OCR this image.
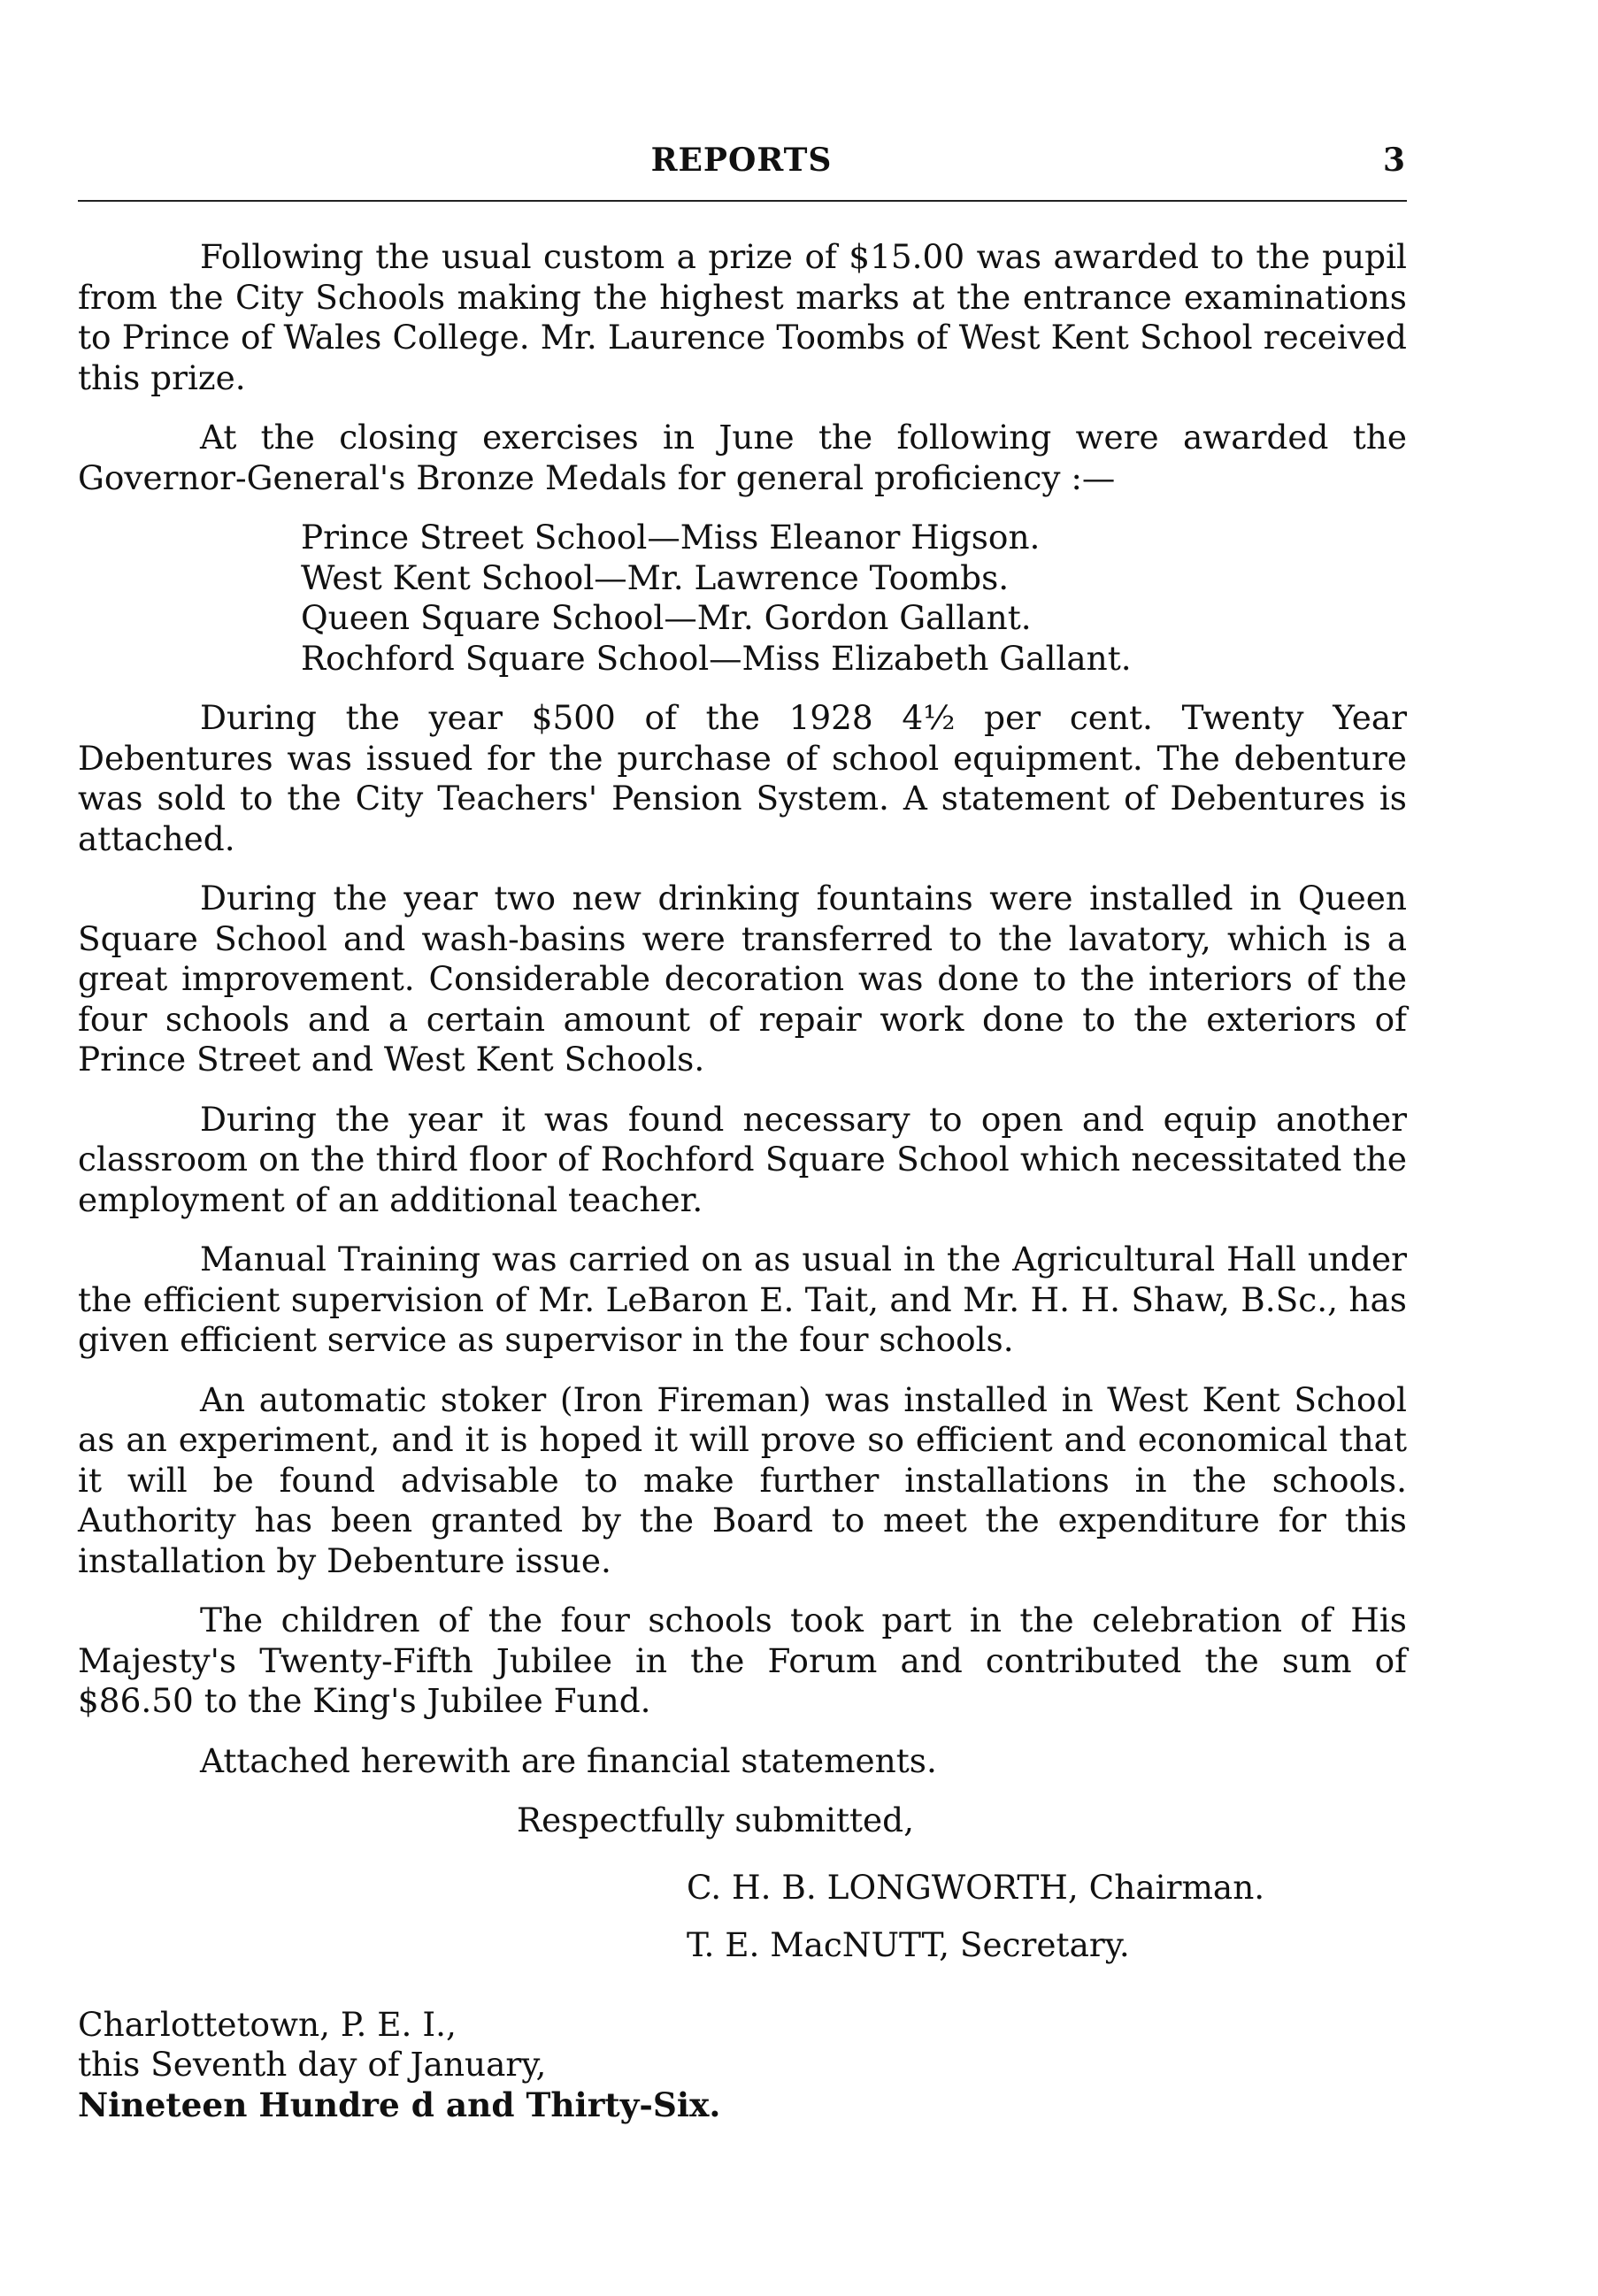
REPORTS	3

Following the usual custom a prize of $15.00 was awarded to the pupil from the City Schools making the highest marks at the entrance examinations to Prince of Wales College. Mr. Laurence Toombs of West Kent School received this prize.

At the closing exercises in June the following were awarded the Governor-General's Bronze Medals for general proficiency :—

Prince Street School—Miss Eleanor Higson.
West Kent School—Mr. Lawrence Toombs.
Queen Square School—Mr. Gordon Gallant.
Rochford Square School—Miss Elizabeth Gallant.

During the year $500 of the 1928 4½ per cent. Twenty Year Debentures was issued for the purchase of school equipment. The debenture was sold to the City Teachers' Pension System. A statement of Debentures is attached.

During the year two new drinking fountains were installed in Queen Square School and wash-basins were transferred to the lavatory, which is a great improvement. Considerable decoration was done to the interiors of the four schools and a certain amount of repair work done to the exteriors of Prince Street and West Kent Schools.

During the year it was found necessary to open and equip another classroom on the third floor of Rochford Square School which necessitated the employment of an additional teacher.

Manual Training was carried on as usual in the Agricultural Hall under the efficient supervision of Mr. LeBaron E. Tait, and Mr. H. H. Shaw, B.Sc., has given efficient service as supervisor in the four schools.

An automatic stoker (Iron Fireman) was installed in West Kent School as an experiment, and it is hoped it will prove so efficient and economical that it will be found advisable to make further installations in the schools. Authority has been granted by the Board to meet the expenditure for this installation by Debenture issue.

The children of the four schools took part in the celebration of His Majesty's Twenty-Fifth Jubilee in the Forum and contributed the sum of $86.50 to the King's Jubilee Fund.

Attached herewith are financial statements.

Respectfully submitted,
C. H. B. LONGWORTH, Chairman.
T. E. MacNUTT, Secretary.
Charlottetown, P. E. I.,
this Seventh day of January,
Nineteen Hundre d and Thirty-Six.
